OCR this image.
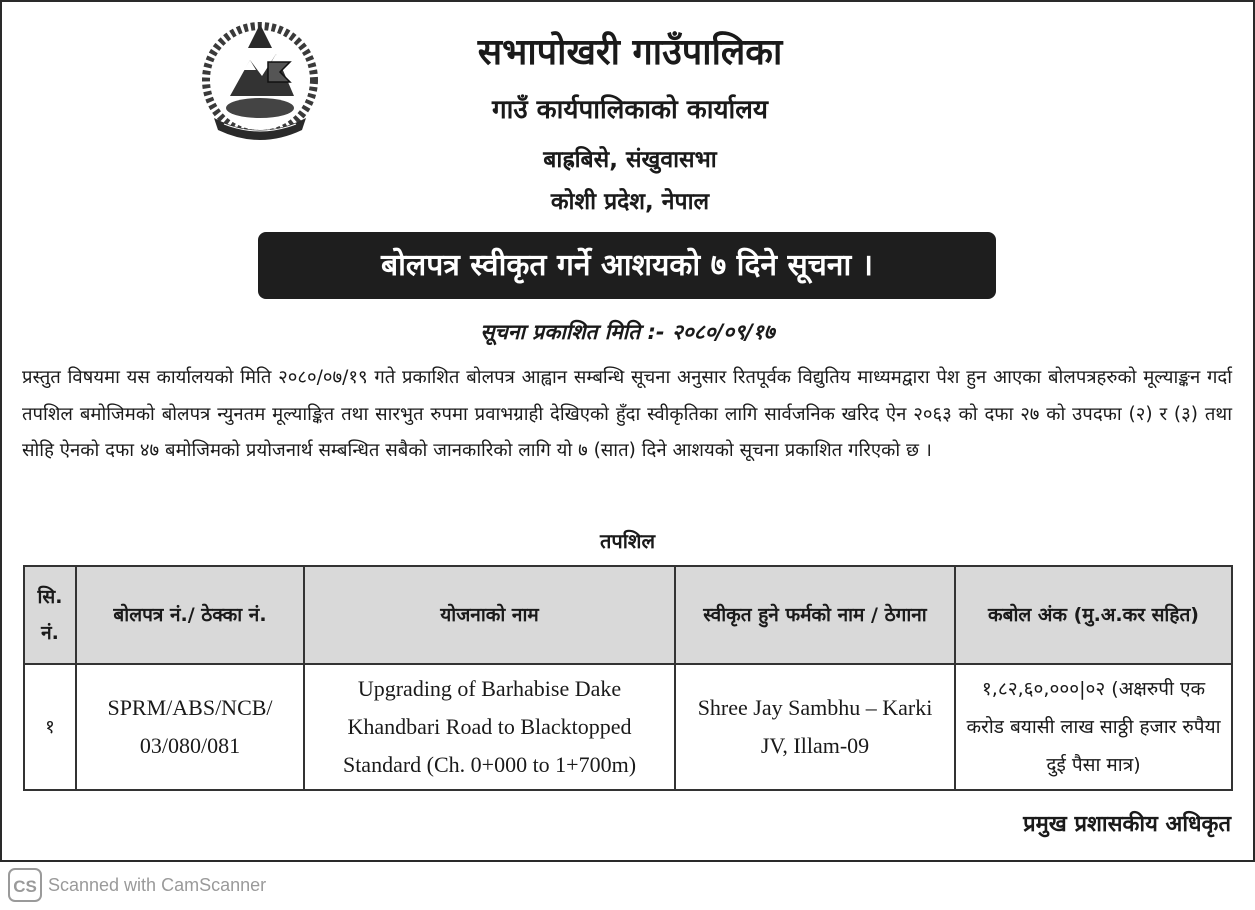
सभापोखरी गाउँपालिका
गाउँ कार्यपालिकाको कार्यालय
बाह्रबिसे, संखुवासभा
कोशी प्रदेश, नेपाल
बोलपत्र स्वीकृत गर्ने आशयको ७ दिने सूचना ।
सूचना प्रकाशित मिति :- २०८०/०९/१७
प्रस्तुत विषयमा यस कार्यालयको मिति २०८०/०७/१९ गते प्रकाशित बोलपत्र आह्वान सम्बन्धि सूचना अनुसार रितपूर्वक विद्युतिय माध्यमद्वारा पेश हुन आएका बोलपत्रहरुको मूल्याङ्कन गर्दा तपशिल बमोजिमको बोलपत्र न्युनतम मूल्याङ्कित तथा सारभुत रुपमा प्रवाभग्राही देखिएको हुँदा स्वीकृतिका लागि सार्वजनिक खरिद ऐन २०६३ को दफा २७ को उपदफा (२) र (३) तथा सोहि ऐनको दफा ४७ बमोजिमको प्रयोजनार्थ सम्बन्धित सबैको जानकारिको लागि यो ७ (सात) दिने आशयको सूचना प्रकाशित गरिएको छ ।
तपशिल
सि. नं.	बोलपत्र नं./ ठेक्का नं.	योजनाको नाम	स्वीकृत हुने फर्मको नाम / ठेगाना	कबोल अंक (मु.अ.कर सहित)
१	SPRM/ABS/NCB/ 03/080/081	Upgrading of Barhabise Dake Khandbari Road to Blacktopped Standard (Ch. 0+000 to 1+700m)	Shree Jay Sambhu – Karki JV, Illam-09	१,८२,६०,०००|०२ (अक्षरुपी एक करोड बयासी लाख साठ्ठी हजार रुपैया दुई पैसा मात्र)
प्रमुख प्रशासकीय अधिकृत
CS Scanned with CamScanner
